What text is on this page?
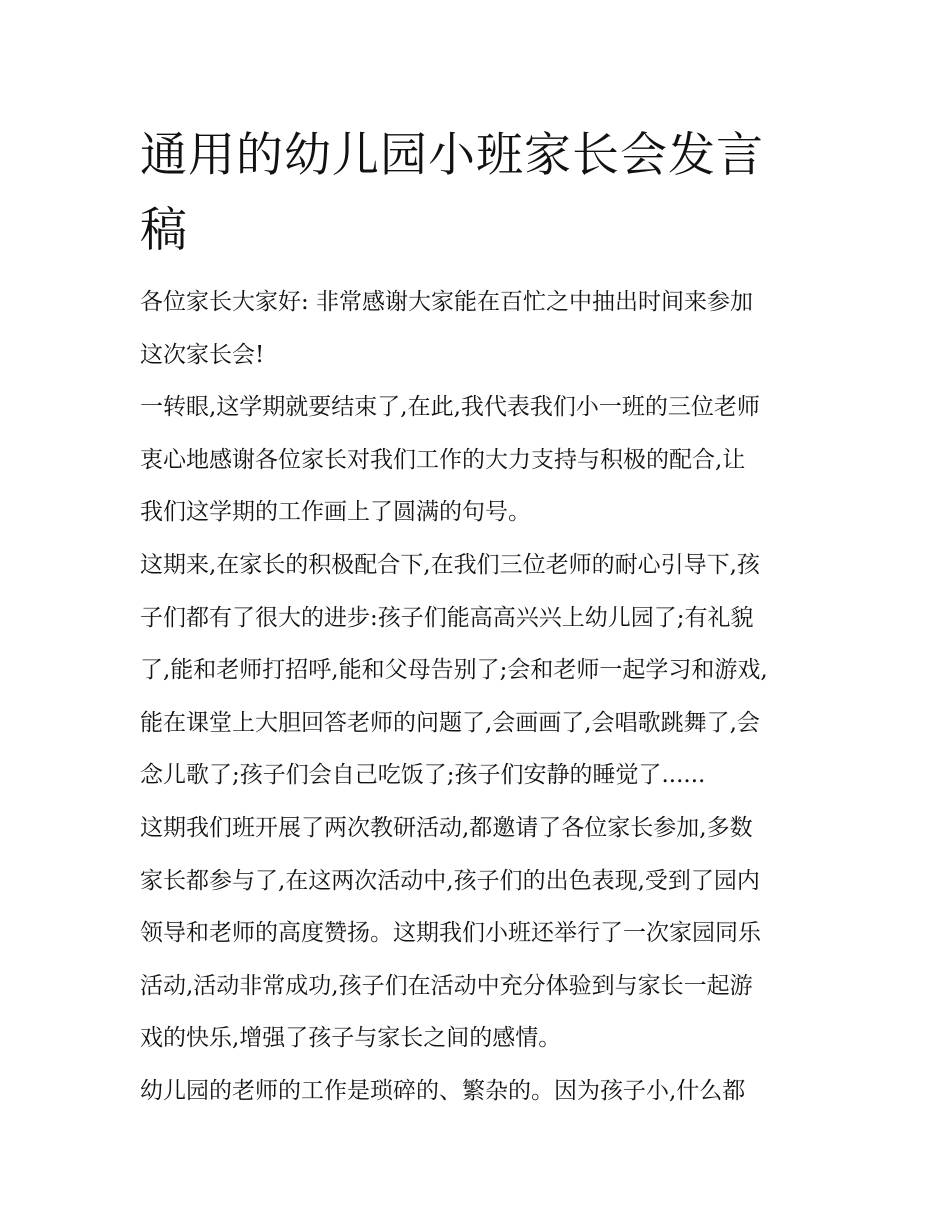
通用的幼儿园小班家长会发言
稿
各位家长大家好: 非常感谢大家能在百忙之中抽出时间来参加
这次家长会!
一转眼,这学期就要结束了,在此,我代表我们小一班的三位老师
衷心地感谢各位家长对我们工作的大力支持与积极的配合,让
我们这学期的工作画上了圆满的句号。
这期来,在家长的积极配合下,在我们三位老师的耐心引导下,孩
子们都有了很大的进步:孩子们能高高兴兴上幼儿园了;有礼貌
了,能和老师打招呼,能和父母告别了;会和老师一起学习和游戏,
能在课堂上大胆回答老师的问题了,会画画了,会唱歌跳舞了,会
念儿歌了;孩子们会自己吃饭了;孩子们安静的睡觉了......
这期我们班开展了两次教研活动,都邀请了各位家长参加,多数
家长都参与了,在这两次活动中,孩子们的出色表现,受到了园内
领导和老师的高度赞扬。这期我们小班还举行了一次家园同乐
活动,活动非常成功,孩子们在活动中充分体验到与家长一起游
戏的快乐,增强了孩子与家长之间的感情。
幼儿园的老师的工作是琐碎的、繁杂的。因为孩子小,什么都
